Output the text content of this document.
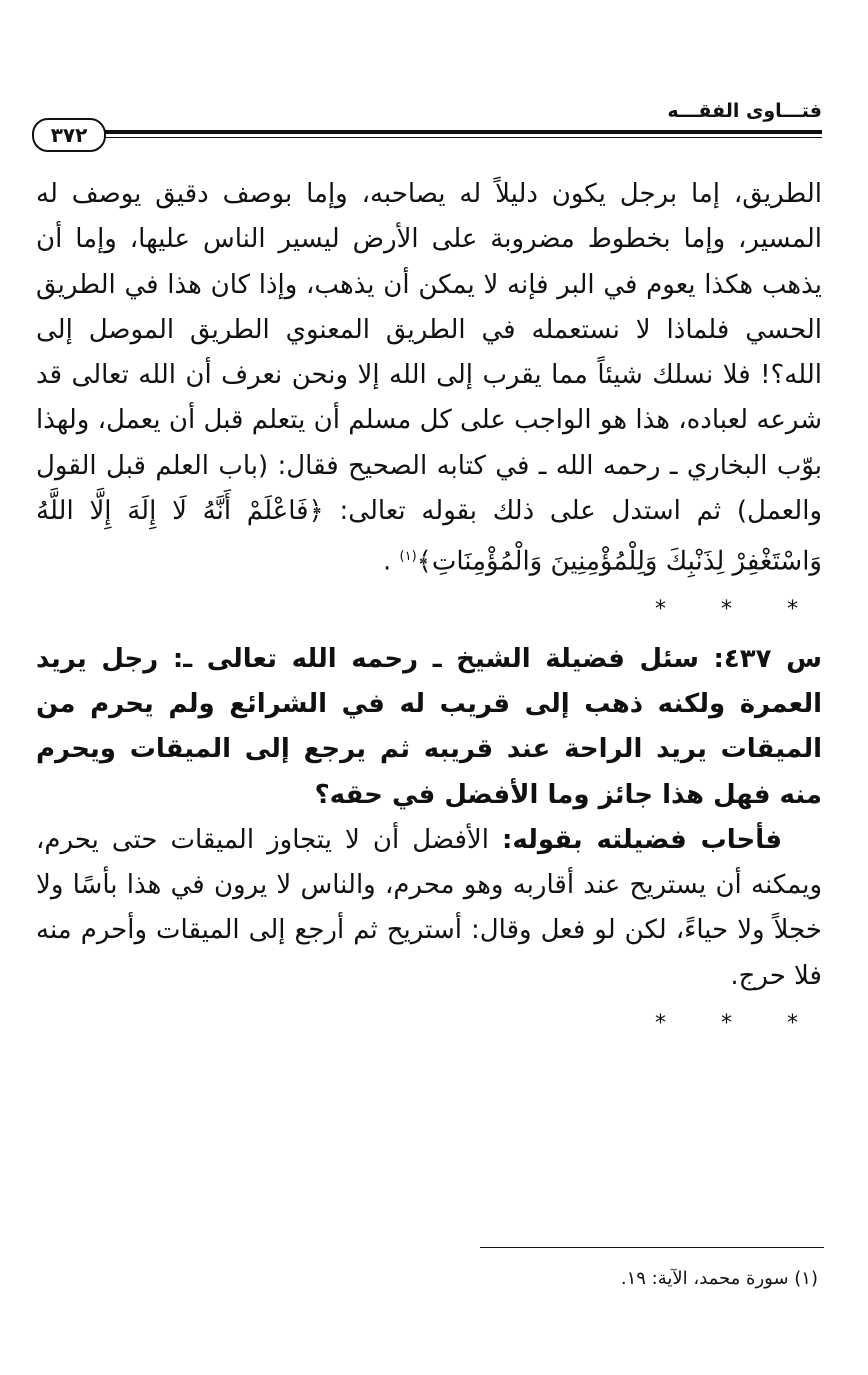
فتـــاوى الفقـــه
٣٧٢

الطريق، إما برجل يكون دليلاً له يصاحبه، وإما بوصف دقيق يوصف له المسير، وإما بخطوط مضروبة على الأرض ليسير الناس عليها، وإما أن يذهب هكذا يعوم في البر فإنه لا يمكن أن يذهب، وإذا كان هذا في الطريق الحسي فلماذا لا نستعمله في الطريق المعنوي الطريق الموصل إلى الله؟! فلا نسلك شيئاً مما يقرب إلى الله إلا ونحن نعرف أن الله تعالى قد شرعه لعباده، هذا هو الواجب على كل مسلم أن يتعلم قبل أن يعمل، ولهذا بوّب البخاري ـ رحمه الله ـ في كتابه الصحيح فقال: (باب العلم قبل القول والعمل) ثم استدل على ذلك بقوله تعالى: ﴿فَاعْلَمْ أَنَّهُ لَا إِلَهَ إِلَّا اللَّهُ وَاسْتَغْفِرْ لِذَنْبِكَ وَلِلْمُؤْمِنِينَ وَالْمُؤْمِنَاتِ﴾$^{(١)}$ .

* * *

س ٤٣٧: سئل فضيلة الشيخ ـ رحمه الله تعالى ـ: رجل يريد العمرة ولكنه ذهب إلى قريب له في الشرائع ولم يحرم من الميقات يريد الراحة عند قريبه ثم يرجع إلى الميقات ويحرم منه فهل هذا جائز وما الأفضل في حقه؟

فأحاب فضيلته بقوله: الأفضل أن لا يتجاوز الميقات حتى يحرم، ويمكنه أن يستريح عند أقاربه وهو محرم، والناس لا يرون في هذا بأسًا ولا خجلاً ولا حياءً، لكن لو فعل وقال: أستريح ثم أرجع إلى الميقات وأحرم منه فلا حرج.

* * *
(١) سورة محمد، الآية: ١٩.
